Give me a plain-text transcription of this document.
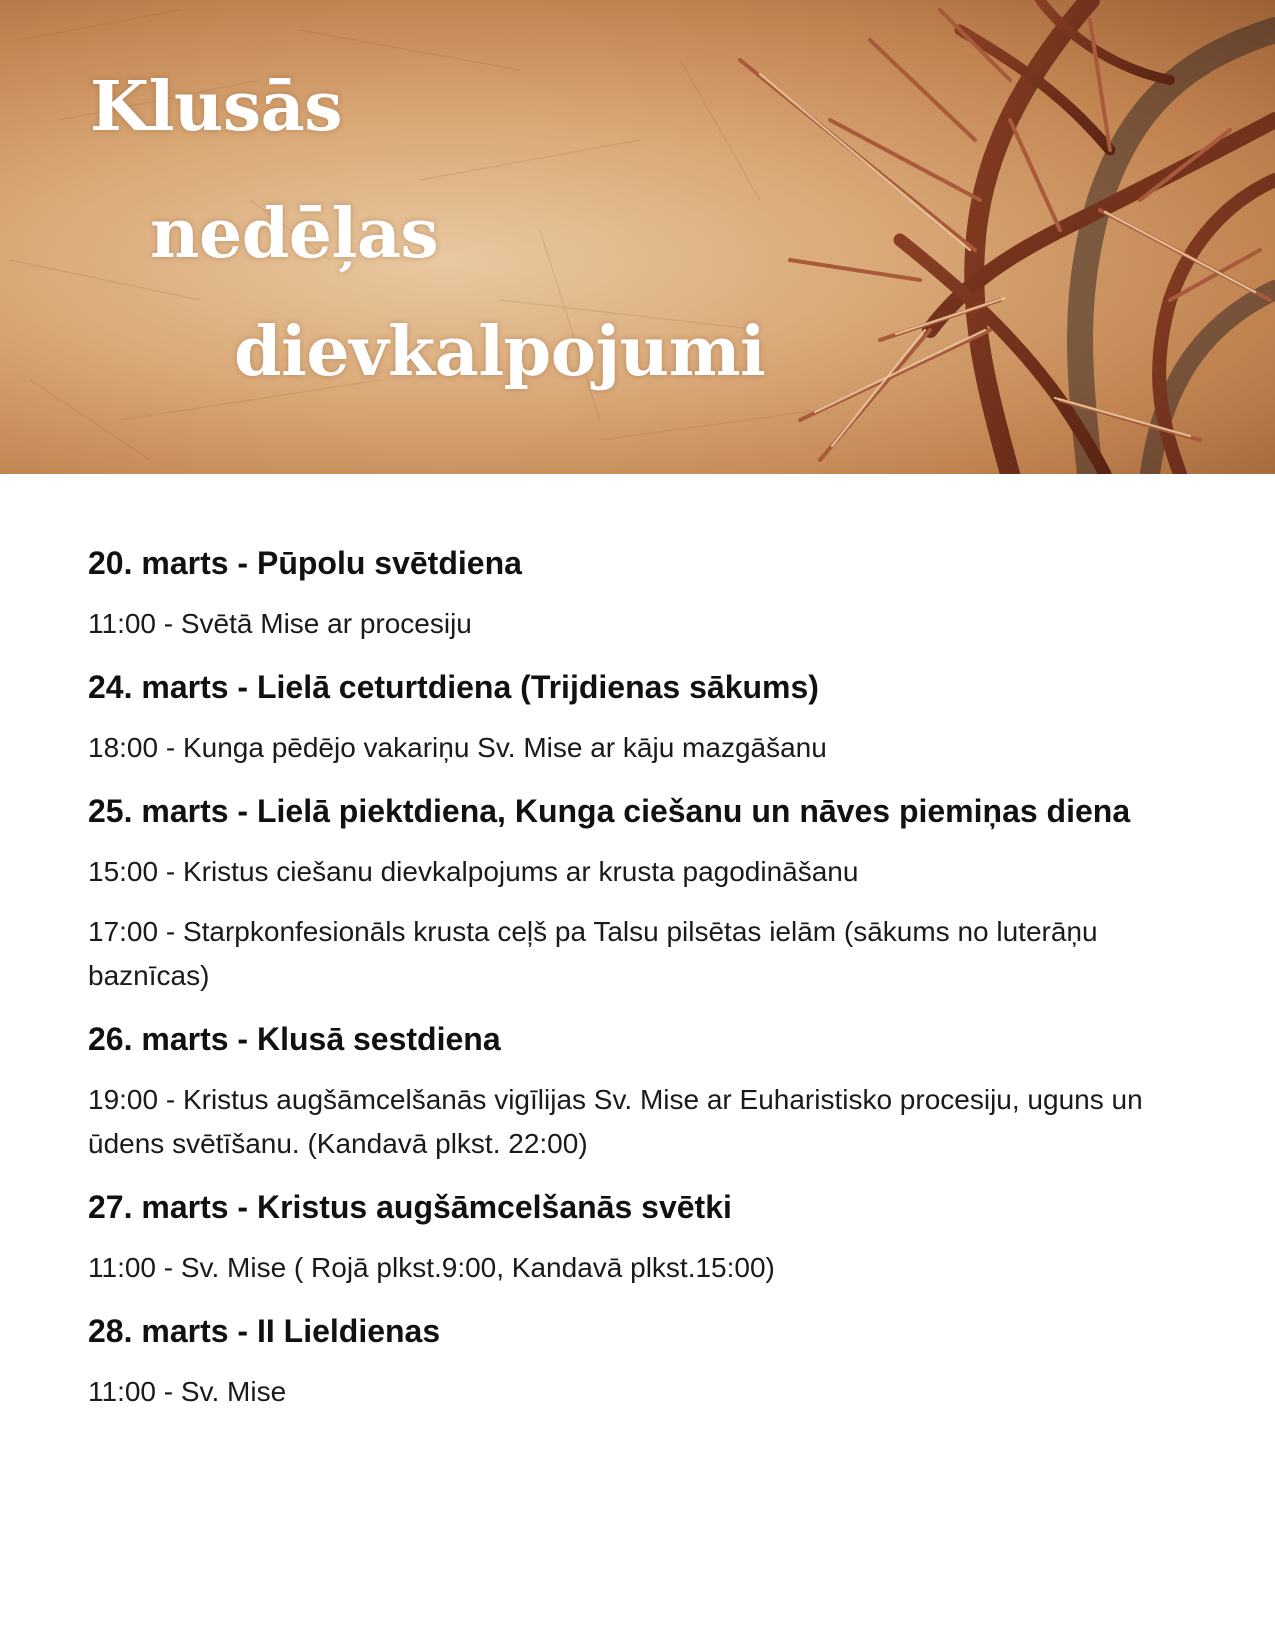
Klusās
nedēļas
dievkalpojumi
20. marts - Pūpolu svētdiena

11:00 - Svētā Mise ar procesiju

24. marts - Lielā ceturtdiena (Trijdienas sākums)

18:00 - Kunga pēdējo vakariņu Sv. Mise ar kāju mazgāšanu

25. marts - Lielā piektdiena, Kunga ciešanu un nāves piemiņas diena

15:00 - Kristus ciešanu dievkalpojums ar krusta pagodināšanu

17:00 - Starpkonfesionāls krusta ceļš pa Talsu pilsētas ielām (sākums no luterāņu baznīcas)

26. marts - Klusā sestdiena

19:00 - Kristus augšāmcelšanās vigīlijas Sv. Mise ar Euharistisko procesiju, uguns un ūdens svētīšanu. (Kandavā plkst. 22:00)

27. marts - Kristus augšāmcelšanās svētki

11:00 - Sv. Mise ( Rojā plkst.9:00, Kandavā plkst.15:00)

28. marts - II Lieldienas

11:00 - Sv. Mise
